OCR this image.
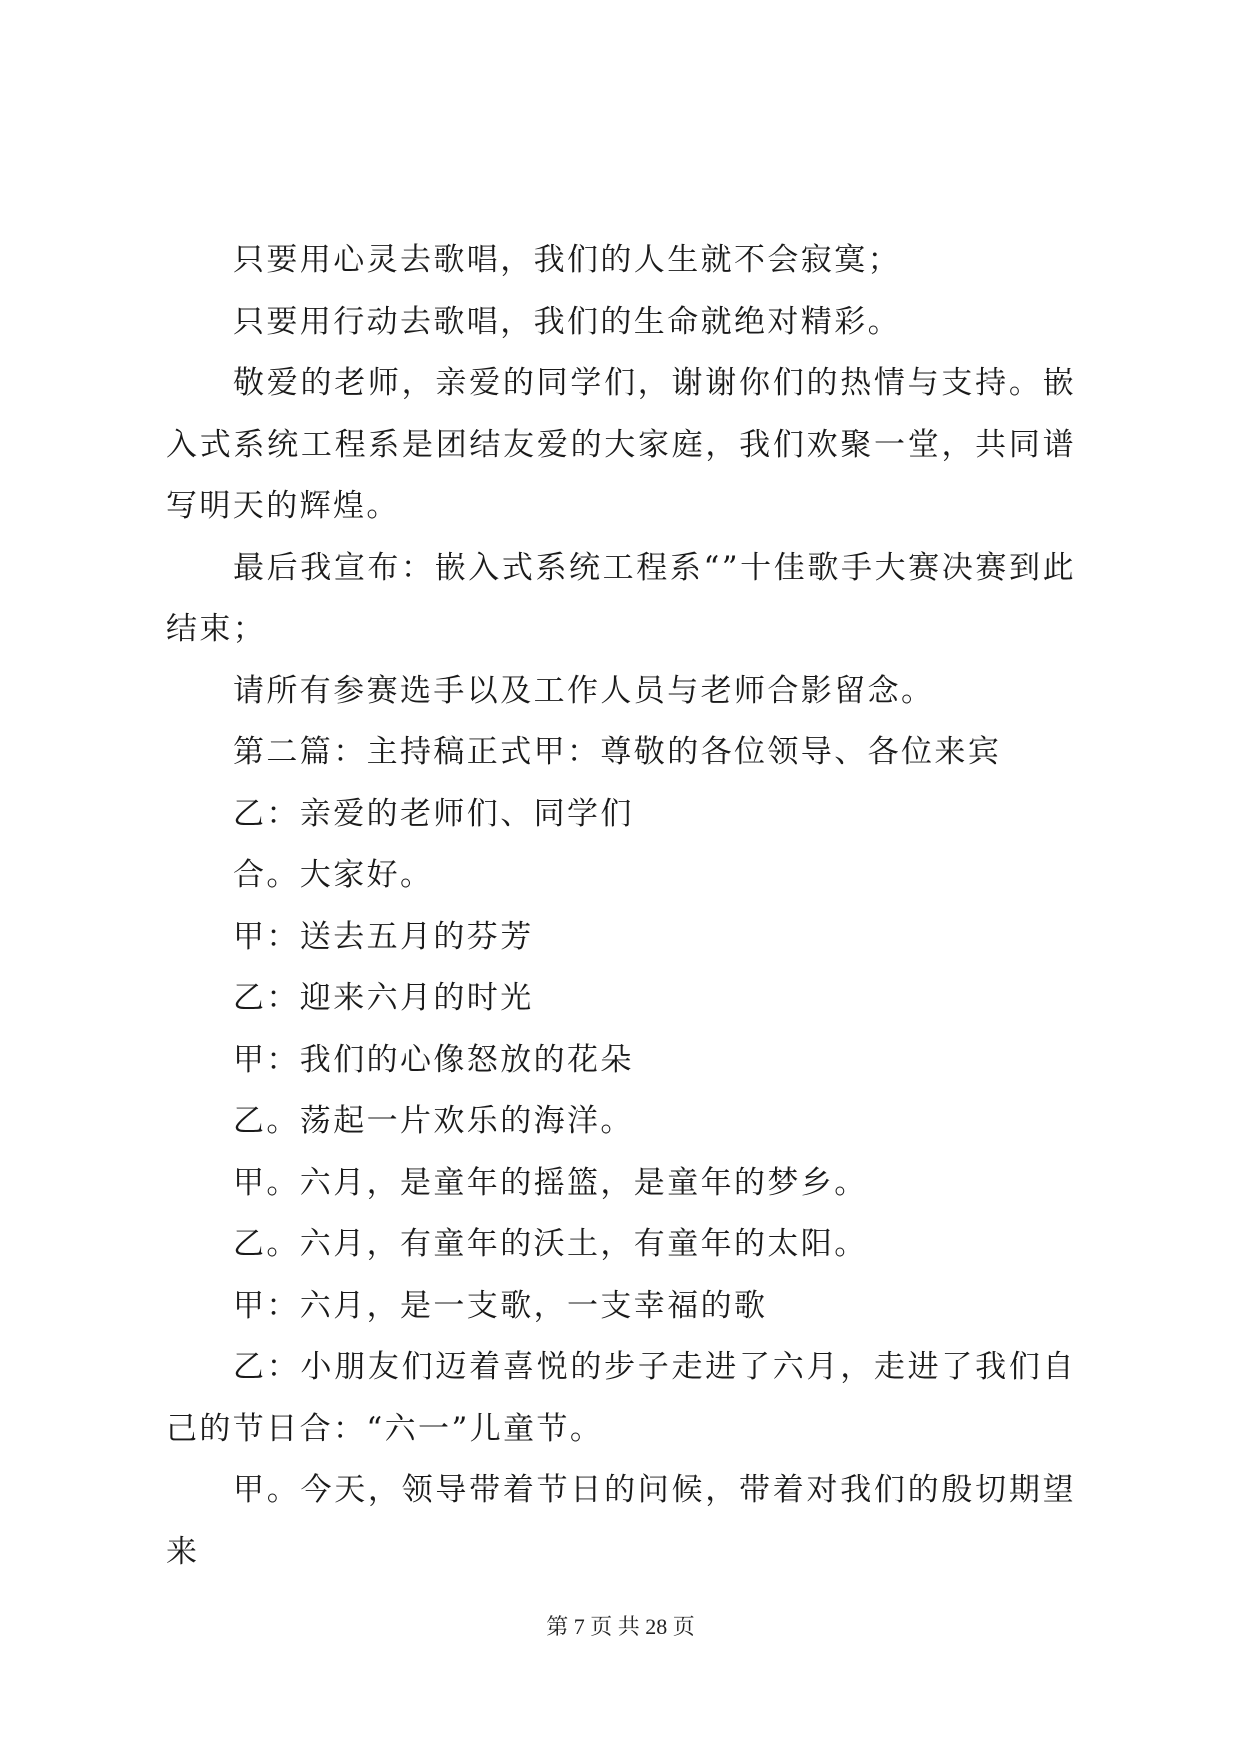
只要用心灵去歌唱，我们的人生就不会寂寞；

只要用行动去歌唱，我们的生命就绝对精彩。

敬爱的老师，亲爱的同学们，谢谢你们的热情与支持。嵌入式系统工程系是团结友爱的大家庭，我们欢聚一堂，共同谱写明天的辉煌。

最后我宣布：嵌入式系统工程系“”十佳歌手大赛决赛到此结束；

请所有参赛选手以及工作人员与老师合影留念。

第二篇：主持稿正式甲：尊敬的各位领导、各位来宾

乙：亲爱的老师们、同学们

合。大家好。

甲：送去五月的芬芳

乙：迎来六月的时光

甲：我们的心像怒放的花朵

乙。荡起一片欢乐的海洋。

甲。六月，是童年的摇篮，是童年的梦乡。

乙。六月，有童年的沃土，有童年的太阳。

甲：六月，是一支歌，一支幸福的歌

乙：小朋友们迈着喜悦的步子走进了六月，走进了我们自己的节日合：“六一”儿童节。

甲。今天，领导带着节日的问候，带着对我们的殷切期望来

第 7 页 共 28 页
